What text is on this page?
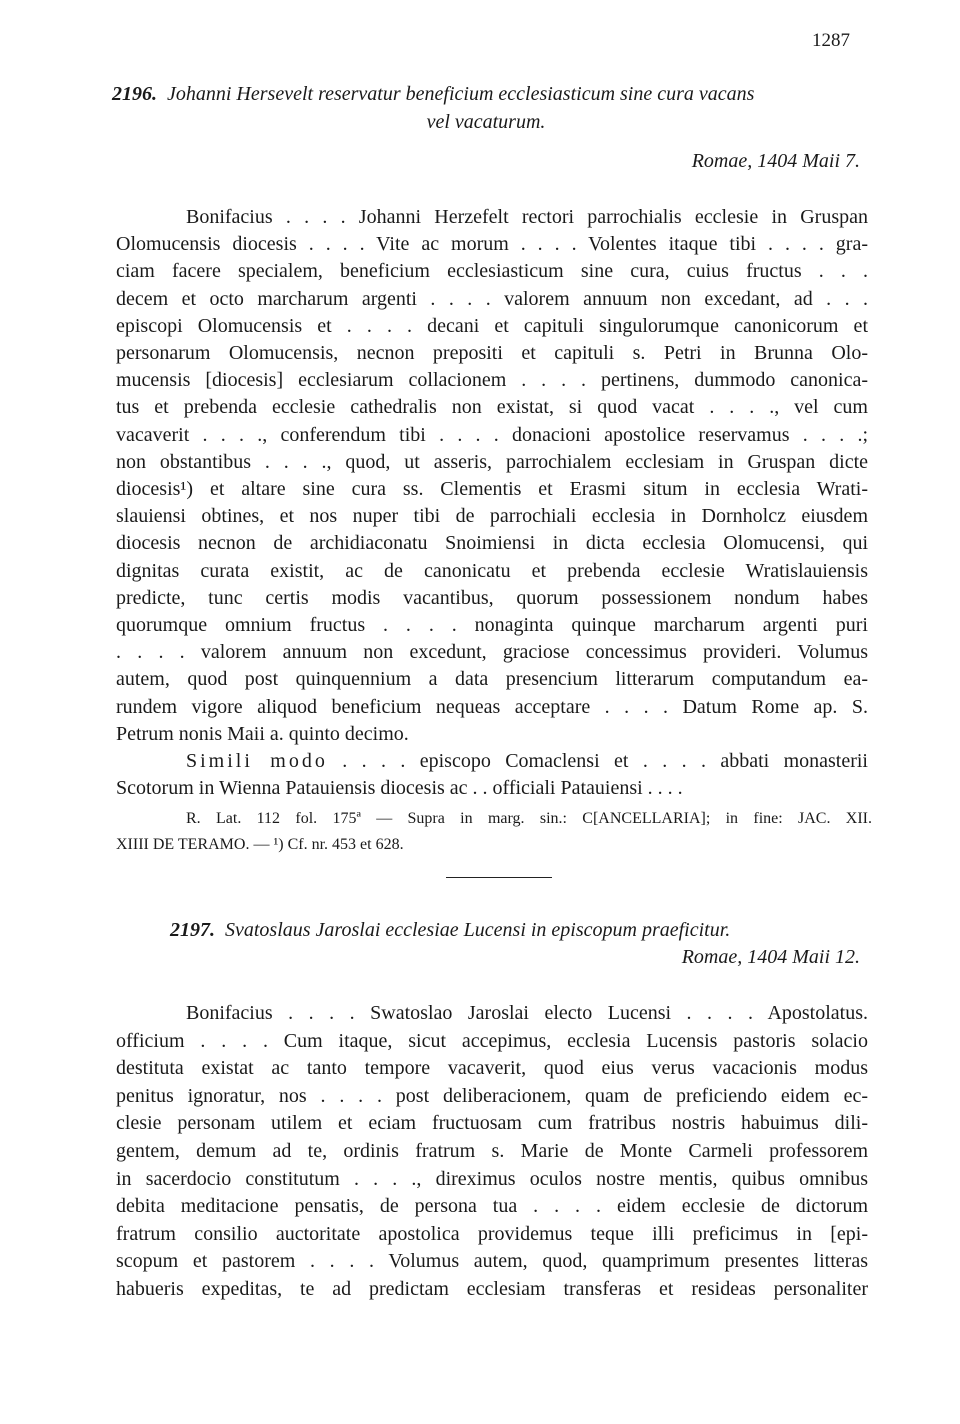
1287
2196. Johanni Hersevelt reservatur beneficium ecclesiasticum sine cura vacans
vel vacaturum.
Romae, 1404 Maii 7.
Bonifacius . . . . Johanni Herzefelt rectori parrochialis ecclesie in Gruspan
Olomucensis diocesis . . . . Vite ac morum . . . . Volentes itaque tibi . . . . gra-
ciam facere specialem, beneficium ecclesiasticum sine cura, cuius fructus . . .
decem et octo marcharum argenti . . . . valorem annuum non excedant, ad . . .
episcopi Olomucensis et . . . . decani et capituli singulorumque canonicorum et
personarum Olomucensis, necnon prepositi et capituli s. Petri in Brunna Olo-
mucensis [diocesis] ecclesiarum collacionem . . . . pertinens, dummodo canonica-
tus et prebenda ecclesie cathedralis non existat, si quod vacat . . . ., vel cum
vacaverit . . . ., conferendum tibi . . . . donacioni apostolice reservamus . . . .;
non obstantibus . . . ., quod, ut asseris, parrochialem ecclesiam in Gruspan dicte
diocesis¹) et altare sine cura ss. Clementis et Erasmi situm in ecclesia Wrati-
slauiensi obtines, et nos nuper tibi de parrochiali ecclesia in Dornholcz eiusdem
diocesis necnon de archidiaconatu Snoimiensi in dicta ecclesia Olomucensi, qui
dignitas curata existit, ac de canonicatu et prebenda ecclesie Wratislauiensis
predicte, tunc certis modis vacantibus, quorum possessionem nondum habes
quorumque omnium fructus . . . . nonaginta quinque marcharum argenti puri
. . . . valorem annuum non excedunt, graciose concessimus provideri. Volumus
autem, quod post quinquennium a data presencium litterarum computandum ea-
rundem vigore aliquod beneficium nequeas acceptare . . . . Datum Rome ap. S.
Petrum nonis Maii a. quinto decimo.
Simili modo . . . . episcopo Comaclensi et . . . . abbati monasterii
Scotorum in Wienna Patauiensis diocesis ac . . officiali Patauiensi . . . .
R. Lat. 112 fol. 175ª — Supra in marg. sin.: C[ANCELLARIA]; in fine: JAC. XII.
XIIII DE TERAMO. — ¹) Cf. nr. 453 et 628.
2197. Svatoslaus Jaroslai ecclesiae Lucensi in episcopum praeficitur.
Romae, 1404 Maii 12.
Bonifacius . . . . Swatoslao Jaroslai electo Lucensi . . . . Apostolatus.
officium . . . . Cum itaque, sicut accepimus, ecclesia Lucensis pastoris solacio
destituta existat ac tanto tempore vacaverit, quod eius verus vacacionis modus
penitus ignoratur, nos . . . . post deliberacionem, quam de preficiendo eidem ec-
clesie personam utilem et eciam fructuosam cum fratribus nostris habuimus dili-
gentem, demum ad te, ordinis fratrum s. Marie de Monte Carmeli professorem
in sacerdocio constitutum . . . ., direximus oculos nostre mentis, quibus omnibus
debita meditacione pensatis, de persona tua . . . . eidem ecclesie de dictorum
fratrum consilio auctoritate apostolica providemus teque illi preficimus in [epi-
scopum et pastorem . . . . Volumus autem, quod, quamprimum presentes litteras
habueris expeditas, te ad predictam ecclesiam transferas et resideas personaliter
